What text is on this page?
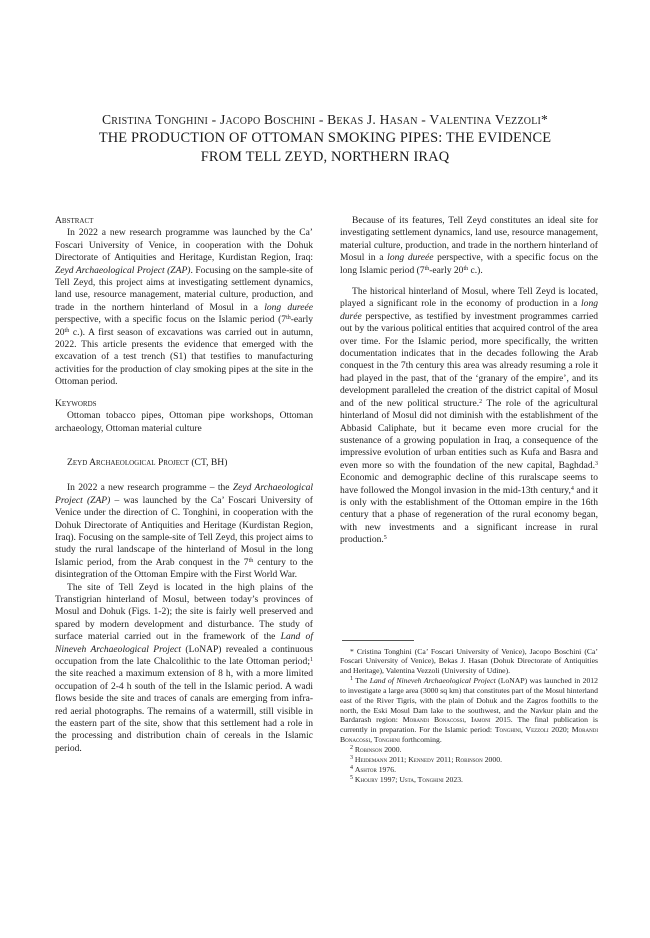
Cristina Tonghini - Jacopo Boschini - Bekas J. Hasan - Valentina Vezzoli*
THE PRODUCTION OF OTTOMAN SMOKING PIPES: THE EVIDENCE
FROM TELL ZEYD, NORTHERN IRAQ
Abstract

In 2022 a new research programme was launched by the Ca’ Foscari University of Venice, in cooperation with the Dohuk Directorate of Antiquities and Heritage, Kurdistan Region, Iraq: Zeyd Archaeological Project (ZAP). Focusing on the sample-site of Tell Zeyd, this project aims at investigating settlement dynamics, land use, resource management, material culture, production, and trade in the northern hinterland of Mosul in a long dureée perspective, with a specific focus on the Islamic period (7th-early 20th c.). A first season of excavations was carried out in autumn, 2022. This article presents the evidence that emerged with the excavation of a test trench (S1) that testifies to manufacturing activities for the production of clay smoking pipes at the site in the Ottoman period.

Keywords

Ottoman tobacco pipes, Ottoman pipe workshops, Ottoman archaeology, Ottoman material culture

Zeyd Archaeological Project (CT, BH)

In 2022 a new research programme – the Zeyd Archaeological Project (ZAP) – was launched by the Ca’ Foscari University of Venice under the direction of C. Tonghini, in cooperation with the Dohuk Directorate of Antiquities and Heritage (Kurdistan Region, Iraq). Focusing on the sample-site of Tell Zeyd, this project aims to study the rural landscape of the hinterland of Mosul in the long Islamic period, from the Arab conquest in the 7th century to the disintegration of the Ottoman Empire with the First World War.

The site of Tell Zeyd is located in the high plains of the Transtigrian hinterland of Mosul, between today’s provinces of Mosul and Dohuk (Figs. 1-2); the site is fairly well preserved and spared by modern development and disturbance. The study of surface material carried out in the framework of the Land of Nineveh Archaeological Project (LoNAP) revealed a continuous occupation from the late Chalcolithic to the late Ottoman period;$^1$ the site reached a maximum extension of 8 h, with a more limited occupation of 2-4 h south of the tell in the Islamic period. A wadi flows beside the site and traces of canals are emerging from infra-red aerial photographs. The remains of a watermill, still visible in the eastern part of the site, show that this settlement had a role in the processing and distribution chain of cereals in the Islamic period.

Because of its features, Tell Zeyd constitutes an ideal site for investigating settlement dynamics, land use, resource management, material culture, production, and trade in the northern hinterland of Mosul in a long dureée perspective, with a specific focus on the long Islamic period (7th-early 20th c.).

The historical hinterland of Mosul, where Tell Zeyd is located, played a significant role in the economy of production in a long durée perspective, as testified by investment programmes carried out by the various political entities that acquired control of the area over time. For the Islamic period, more specifically, the written documentation indicates that in the decades following the Arab conquest in the 7th century this area was already resuming a role it had played in the past, that of the ‘granary of the empire’, and its development paralleled the creation of the district capital of Mosul and of the new political structure.$^2$ The role of the agricultural hinterland of Mosul did not diminish with the establishment of the Abbasid Caliphate, but it became even more crucial for the sustenance of a growing population in Iraq, a consequence of the impressive evolution of urban entities such as Kufa and Basra and even more so with the foundation of the new capital, Baghdad.$^3$ Economic and demographic decline of this ruralscape seems to have followed the Mongol invasion in the mid-13th century,$^4$ and it is only with the establishment of the Ottoman empire in the 16th century that a phase of regeneration of the rural economy began, with new investments and a significant increase in rural production.$^5$

* Cristina Tonghini (Ca’ Foscari University of Venice), Jacopo Boschini (Ca’ Foscari University of Venice), Bekas J. Hasan (Dohuk Directorate of Antiquities and Heritage), Valentina Vezzoli (University of Udine).

$^1$ The Land of Nineveh Archaeological Project (LoNAP) was launched in 2012 to investigate a large area (3000 sq km) that constitutes part of the Mosul hinterland east of the River Tigris, with the plain of Dohuk and the Zagros foothills to the north, the Eski Mosul Dam lake to the southwest, and the Navkur plain and the Bardarash region: Morandi Bonacossi, Iamoni 2015. The final publication is currently in preparation. For the Islamic period: Tonghini, Vezzoli 2020; Morandi Bonacossi, Tonghini forthcoming.

$^2$ Robinson 2000.
$^3$ Heidemann 2011; Kennedy 2011; Robinson 2000.
$^4$ Ashtor 1976.
$^5$ Khoury 1997; Usta, Tonghini 2023.
